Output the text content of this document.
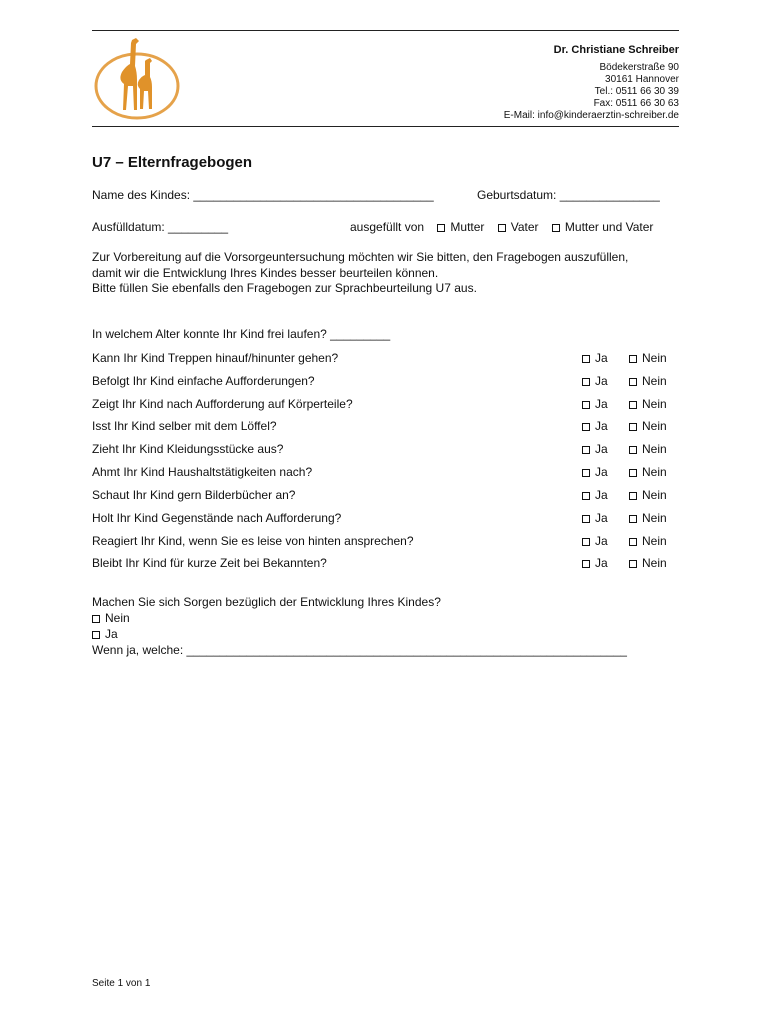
Dr. Christiane Schreiber
Bödekerstraße 90
30161 Hannover
Tel.: 0511 66 30 39
Fax: 0511 66 30 63
E-Mail: info@kinderaerztin-schreiber.de
U7 – Elternfragebogen
Name des Kindes: ____________________________________	Geburtsdatum: _______________
Ausfülldatum: _________	ausgefüllt von Mutter Vater Mutter und Vater
Zur Vorbereitung auf die Vorsorgeuntersuchung möchten wir Sie bitten, den Fragebogen auszufüllen,
damit wir die Entwicklung Ihres Kindes besser beurteilen können.
Bitte füllen Sie ebenfalls den Fragebogen zur Sprachbeurteilung U7 aus.
In welchem Alter konnte Ihr Kind frei laufen? _________
Kann Ihr Kind Treppen hinauf/hinunter gehen?	Ja	Nein
Befolgt Ihr Kind einfache Aufforderungen?	Ja	Nein
Zeigt Ihr Kind nach Aufforderung auf Körperteile?	Ja	Nein
Isst Ihr Kind selber mit dem Löffel?	Ja	Nein
Zieht Ihr Kind Kleidungsstücke aus?	Ja	Nein
Ahmt Ihr Kind Haushaltstätigkeiten nach?	Ja	Nein
Schaut Ihr Kind gern Bilderbücher an?	Ja	Nein
Holt Ihr Kind Gegenstände nach Aufforderung?	Ja	Nein
Reagiert Ihr Kind, wenn Sie es leise von hinten ansprechen?	Ja	Nein
Bleibt Ihr Kind für kurze Zeit bei Bekannten?	Ja	Nein
Machen Sie sich Sorgen bezüglich der Entwicklung Ihres Kindes?
Nein
Ja
Wenn ja, welche: __________________________________________________________________
Seite 1 von 1
